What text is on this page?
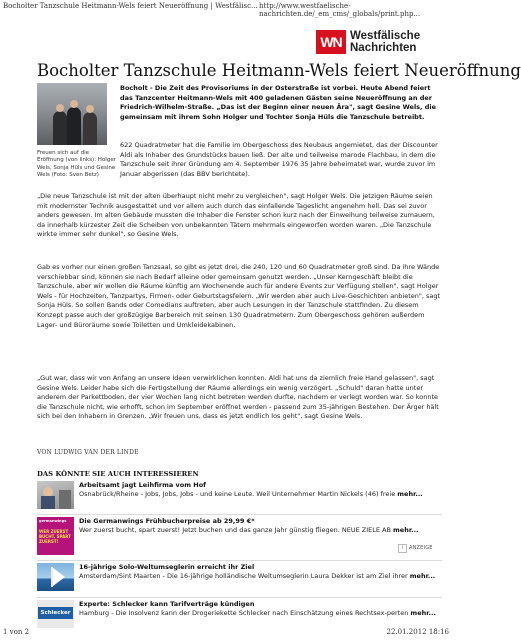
Bocholter Tanzschule Heitmann-Wels feiert Neueröffnung | Westfälisc... http://www.westfaelische-nachrichten.de/_em_cms/_globals/print.php...
WN Westfälische
Nachrichten
Bocholter Tanzschule Heitmann-Wels feiert Neueröffnung

Freuen sich auf die Eröffnung (von links): Holger Wels, Sonja Hüls und Gesine Wels (Foto: Sven Betz)

Bocholt - Die Zeit des Provisoriums in der Osterstraße ist vorbei. Heute Abend feiert das Tanzcenter Heitmann-Wels mit 400 geladenen Gästen seine Neueröffnung an der Friedrich-Wilhelm-Straße. „Das ist der Beginn einer neuen Ära", sagt Gesine Wels, die gemeinsam mit ihrem Sohn Holger und Tochter Sonja Hüls die Tanzschule betreibt.

622 Quadratmeter hat die Familie im Obergeschoss des Neubaus angemietet, das der Discounter Aldi als Inhaber des Grundstücks bauen ließ. Der alte und teilweise marode Flachbau, in dem die Tanzschule seit ihrer Gründung am 4. September 1976 35 Jahre beheimatet war, wurde zuvor im Januar abgerissen (das BBV berichtete).

„Die neue Tanzschule ist mit der alten überhaupt nicht mehr zu vergleichen", sagt Holger Wels. Die jetzigen Räume seien mit modernster Technik ausgestattet und vor allem auch durch das einfallende Tageslicht angenehm hell. Das sei zuvor anders gewesen. Im alten Gebäude mussten die Inhaber die Fenster schon kurz nach der Einweihung teilweise zumauern, da innerhalb kürzester Zeit die Scheiben von unbekannten Tätern mehrmals eingeworfen worden waren. „Die Tanzschule wirkte immer sehr dunkel", so Gesine Wels.

Gab es vorher nur einen großen Tanzsaal, so gibt es jetzt drei, die 240, 120 und 60 Quadratmeter groß sind. Da ihre Wände verschiebbar sind, können sie nach Bedarf alleine oder gemeinsam genutzt werden. „Unser Kerngeschäft bleibt die Tanzschule, aber wir wollen die Räume künftig am Wochenende auch für andere Events zur Verfügung stellen", sagt Holger Wels - für Hochzeiten, Tanzpartys, Firmen- oder Geburtstagsfeiern. „Wir werden aber auch Live-Geschichten anbieten", sagt Sonja Hüls. So sollen Bands oder Comedians auftreten, aber auch Lesungen in der Tanzschule stattfinden. Zu diesem Konzept passe auch der großzügige Barbereich mit seinen 130 Quadratmetern. Zum Obergeschoss gehören außerdem Lager- und Büroräume sowie Toiletten und Umkleidekabinen.

„Gut war, dass wir von Anfang an unsere Ideen verwirklichen konnten. Aldi hat uns da ziemlich freie Hand gelassen", sagt Gesine Wels. Leider habe sich die Fertigstellung der Räume allerdings ein wenig verzögert. „Schuld" daran hatte unter anderem der Parkettboden, der vier Wochen lang nicht betreten werden durfte, nachdem er verlegt worden war. So konnte die Tanzschule nicht, wie erhofft, schon im September eröffnet werden - passend zum 35-jährigen Bestehen. Der Ärger hält sich bei den Inhabern in Grenzen. „Wir freuen uns, dass es jetzt endlich los geht", sagt Gesine Wels.

VON LUDWIG VAN DER LINDE
DAS KÖNNTE SIE AUCH INTERESSIEREN
Arbeitsamt jagt Leihfirma vom Hof
Osnabrück/Rheine - Jobs, Jobs, Jobs - und keine Leute. Weil Unternehmer Martin Nickels (46) freie mehr...
germanwings
WER ZUERST BUCHT, SPART ZUERST!
Die Germanwings Frühbucherpreise ab 29,99 €*
Wer zuerst bucht, spart zuerst! Jetzt buchen und das ganze Jahr günstig fliegen. NEUE ZIELE AB mehr...
i	ANZEIGE
16-jährige Solo-Weltumseglerin erreicht ihr Ziel
Amsterdam/Sint Maarten - Die 16-jährige holländische Weltumseglerin Laura Dekker ist am Ziel ihrer mehr...
Schlecker
Experte: Schlecker kann Tarifverträge kündigen
Hamburg - Die Insolvenz kann der Drogeriekette Schlecker nach Einschätzung eines Rechtsex-perten mehr...
1 von 2	22.01.2012 18:16
